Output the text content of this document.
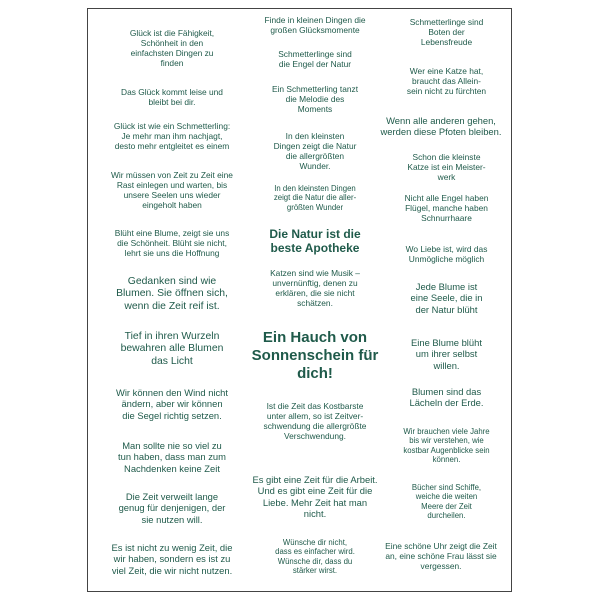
Glück ist die Fähigkeit,
Schönheit in den
einfachsten Dingen zu
finden
Das Glück kommt leise und
bleibt bei dir.
Glück ist wie ein Schmetterling:
Je mehr man ihm nachjagt,
desto mehr entgleitet es einem
Wir müssen von Zeit zu Zeit eine
Rast einlegen und warten, bis
unsere Seelen uns wieder
eingeholt haben
Blüht eine Blume, zeigt sie uns
die Schönheit. Blüht sie nicht,
lehrt sie uns die Hoffnung
Gedanken sind wie
Blumen. Sie öffnen sich,
wenn die Zeit reif ist.
Tief in ihren Wurzeln
bewahren alle Blumen
das Licht
Wir können den Wind nicht
ändern, aber wir können
die Segel richtig setzen.
Man sollte nie so viel zu
tun haben, dass man zum
Nachdenken keine Zeit
Die Zeit verweilt lange
genug für denjenigen, der
sie nutzen will.
Es ist nicht zu wenig Zeit, die
wir haben, sondern es ist zu
viel Zeit, die wir nicht nutzen.
Finde in kleinen Dingen die
großen Glücksmomente
Schmetterlinge sind
die Engel der Natur
Ein Schmetterling tanzt
die Melodie des
Moments
In den kleinsten
Dingen zeigt die Natur
die allergrößten
Wunder.
In den kleinsten Dingen
zeigt die Natur die aller-
größten Wunder
Die Natur ist die
beste Apotheke
Katzen sind wie Musik –
unvernünftig, denen zu
erklären, die sie nicht
schätzen.
Ein Hauch von
Sonnenschein für
dich!
Ist die Zeit das Kostbarste
unter allem, so ist Zeitver-
schwendung die allergrößte
Verschwendung.
Es gibt eine Zeit für die Arbeit.
Und es gibt eine Zeit für die
Liebe. Mehr Zeit hat man
nicht.
Wünsche dir nicht,
dass es einfacher wird.
Wünsche dir, dass du
stärker wirst.
Schmetterlinge sind
Boten der
Lebensfreude
Wer eine Katze hat,
braucht das Allein-
sein nicht zu fürchten
Wenn alle anderen gehen,
werden diese Pfoten bleiben.
Schon die kleinste
Katze ist ein Meister-
werk
Nicht alle Engel haben
Flügel, manche haben
Schnurrhaare
Wo Liebe ist, wird das
Unmögliche möglich
Jede Blume ist
eine Seele, die in
der Natur blüht
Eine Blume blüht
um ihrer selbst
willen.
Blumen sind das
Lächeln der Erde.
Wir brauchen viele Jahre
bis wir verstehen, wie
kostbar Augenblicke sein
können.
Bücher sind Schiffe,
weiche die weiten
Meere der Zeit
durcheilen.
Eine schöne Uhr zeigt die Zeit
an, eine schöne Frau lässt sie
vergessen.
